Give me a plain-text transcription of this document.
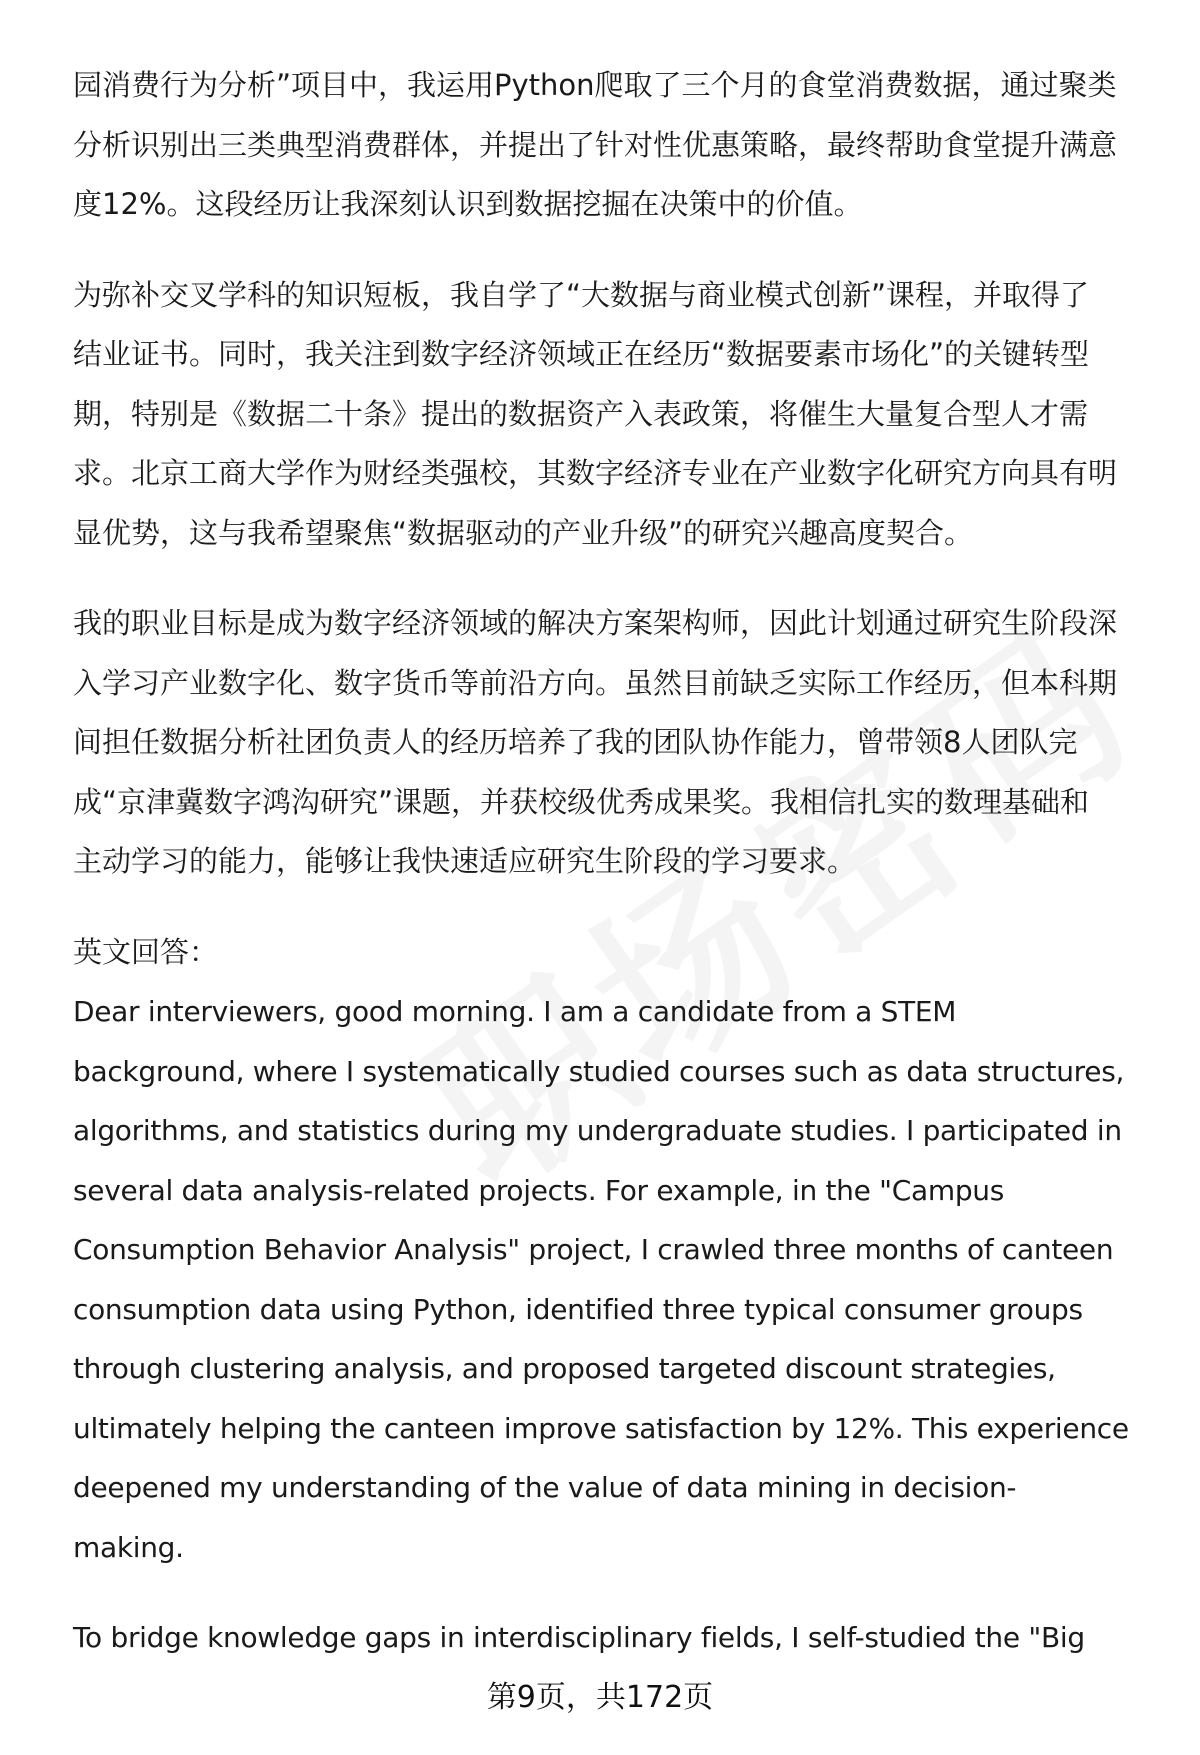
园消费行为分析”项目中，我运用Python爬取了三个月的食堂消费数据，通过聚类
分析识别出三类典型消费群体，并提出了针对性优惠策略，最终帮助食堂提升满意
度12%。这段经历让我深刻认识到数据挖掘在决策中的价值。
为弥补交叉学科的知识短板，我自学了“大数据与商业模式创新”课程，并取得了
结业证书。同时，我关注到数字经济领域正在经历“数据要素市场化”的关键转型
期，特别是《数据二十条》提出的数据资产入表政策，将催生大量复合型人才需
求。北京工商大学作为财经类强校，其数字经济专业在产业数字化研究方向具有明
显优势，这与我希望聚焦“数据驱动的产业升级”的研究兴趣高度契合。
我的职业目标是成为数字经济领域的解决方案架构师，因此计划通过研究生阶段深
入学习产业数字化、数字货币等前沿方向。虽然目前缺乏实际工作经历，但本科期
间担任数据分析社团负责人的经历培养了我的团队协作能力，曾带领8人团队完
成“京津冀数字鸿沟研究”课题，并获校级优秀成果奖。我相信扎实的数理基础和
主动学习的能力，能够让我快速适应研究生阶段的学习要求。
英文回答：
Dear interviewers, good morning. I am a candidate from a STEM
background, where I systematically studied courses such as data structures,
algorithms, and statistics during my undergraduate studies. I participated in
several data analysis-related projects. For example, in the "Campus
Consumption Behavior Analysis" project, I crawled three months of canteen
consumption data using Python, identified three typical consumer groups
through clustering analysis, and proposed targeted discount strategies,
ultimately helping the canteen improve satisfaction by 12%. This experience
deepened my understanding of the value of data mining in decision-
making.
To bridge knowledge gaps in interdisciplinary fields, I self-studied the "Big
第9页，共172页
